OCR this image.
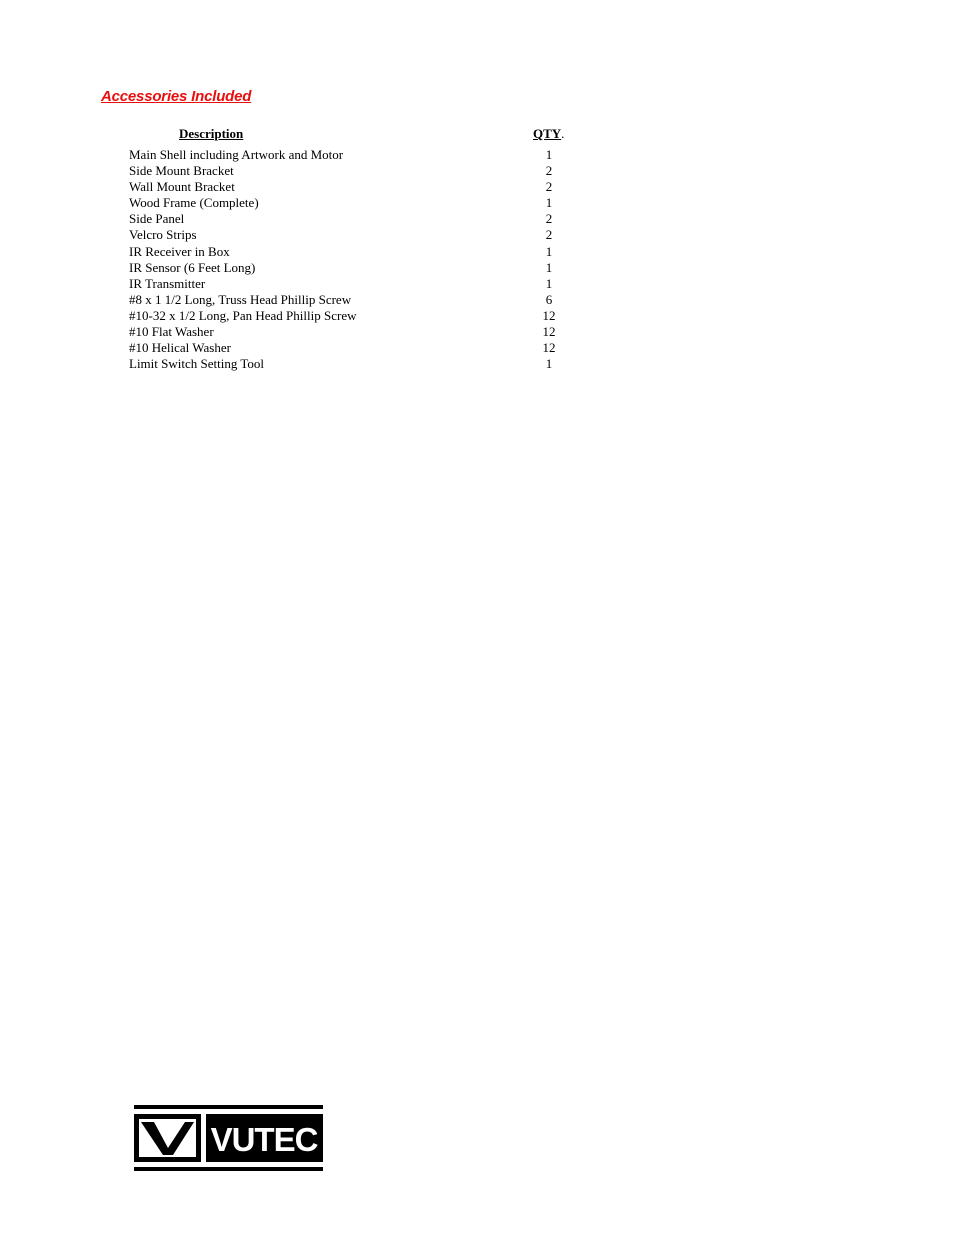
Accessories Included
Description	QTY.
Main Shell including Artwork and Motor	1
Side Mount Bracket	2
Wall Mount Bracket	2
Wood Frame (Complete)	1
Side Panel	2
Velcro Strips	2
IR Receiver in Box	1
IR Sensor (6 Feet Long)	1
IR Transmitter	1
#8 x 1 1/2 Long, Truss Head Phillip Screw	6
#10-32 x 1/2 Long, Pan Head Phillip Screw	12
#10 Flat Washer	12
#10 Helical Washer	12
Limit Switch Setting Tool	1
VUTEC
